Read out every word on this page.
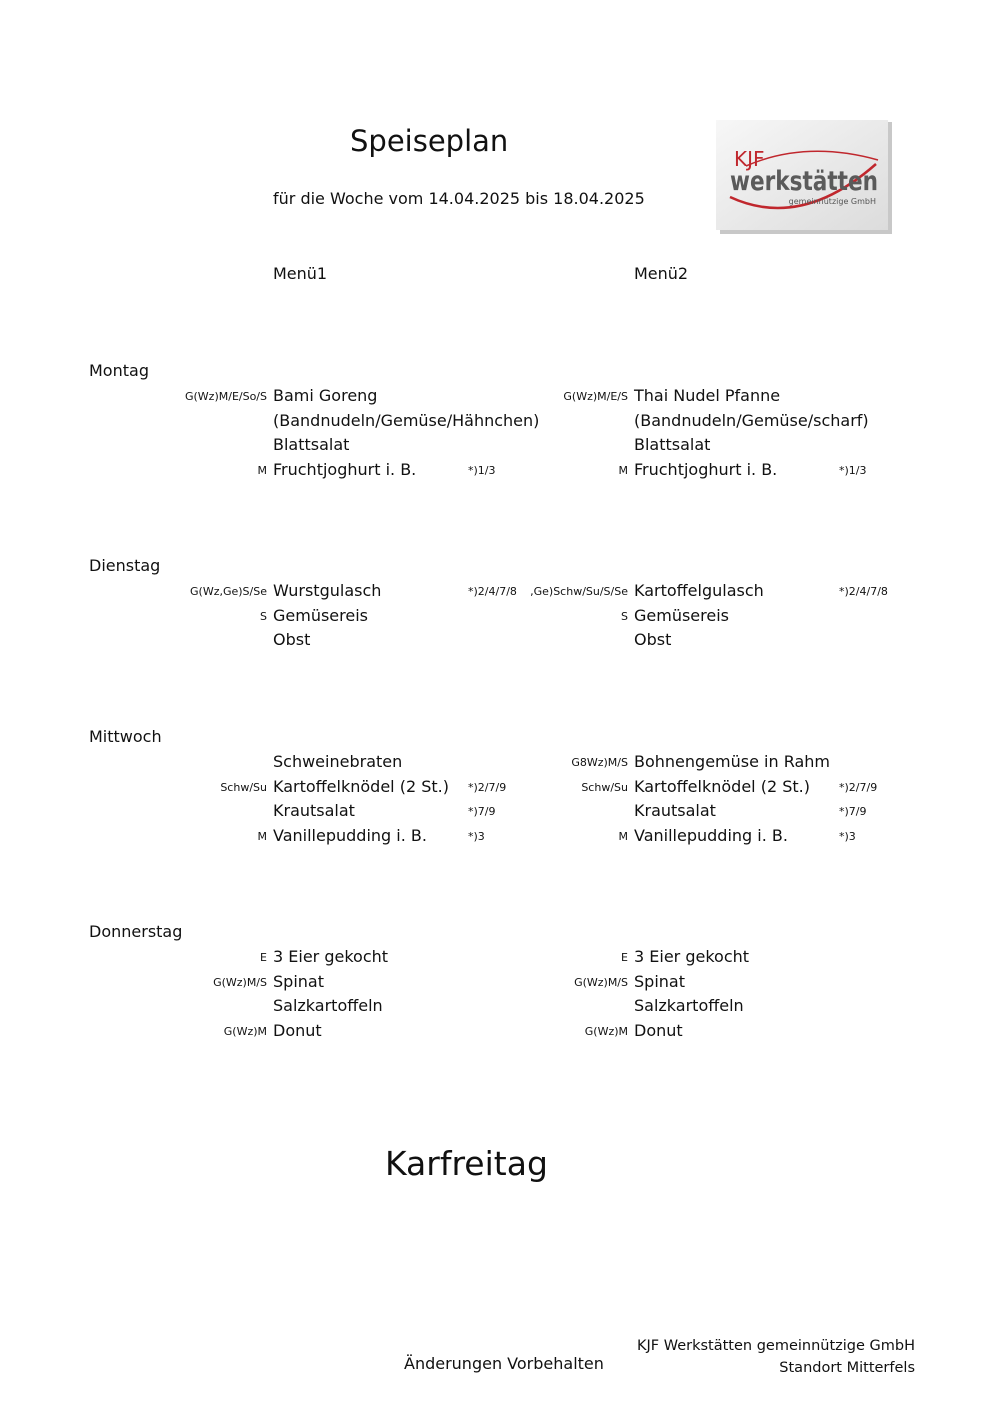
Speiseplan
für die Woche vom 14.04.2025 bis 18.04.2025
KJF
werkstätten
gemeinnützige GmbH
Menü1	Menü2
Montag
G(Wz)M/E/So/S Bami Goreng
(Bandnudeln/Gemüse/Hähnchen)
Blattsalat
M Fruchtjoghurt i. B.	*)1/3
G(Wz)M/E/S Thai Nudel Pfanne
(Bandnudeln/Gemüse/scharf)
Blattsalat
M Fruchtjoghurt i. B.	*)1/3
Dienstag
G(Wz,Ge)S/Se Wurstgulasch	*)2/4/7/8
S Gemüsereis
Obst
,Ge)Schw/Su/S/Se Kartoffelgulasch	*)2/4/7/8
S Gemüsereis
Obst
Mittwoch
Schweinebraten
Schw/Su Kartoffelknödel (2 St.) *)2/7/9
Krautsalat	*)7/9
M Vanillepudding i. B.	*)3
G8Wz)M/S Bohnengemüse in Rahm
Schw/Su Kartoffelknödel (2 St.)	*)2/7/9
Krautsalat	*)7/9
M Vanillepudding i. B.	*)3
Donnerstag
E 3 Eier gekocht
G(Wz)M/S Spinat
Salzkartoffeln
G(Wz)M Donut
E 3 Eier gekocht
G(Wz)M/S Spinat
Salzkartoffeln
G(Wz)M Donut
Karfreitag
Änderungen Vorbehalten
KJF Werkstätten gemeinnützige GmbH
Standort Mitterfels
